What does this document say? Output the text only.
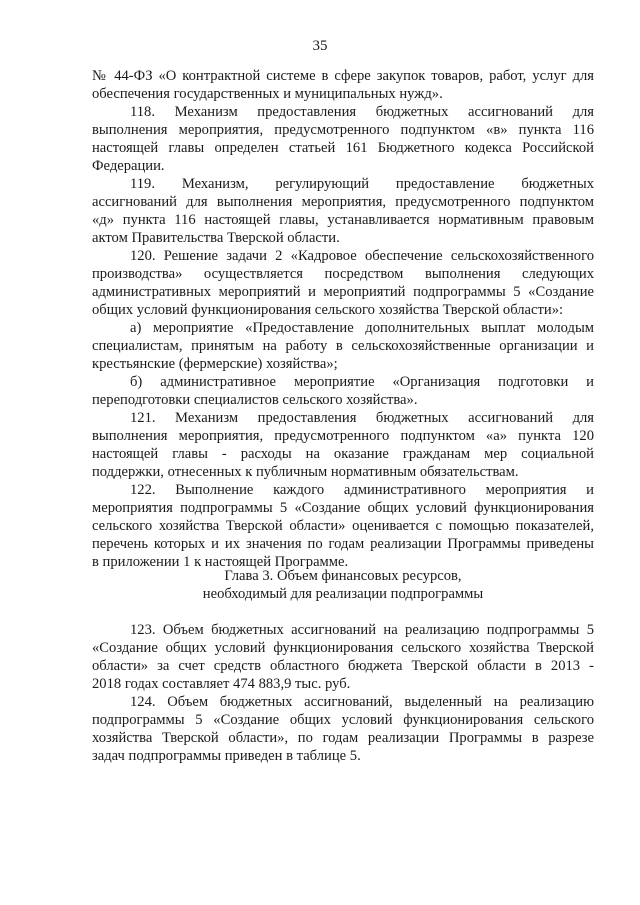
35
№ 44-ФЗ «О контрактной системе в сфере закупок товаров, работ, услуг для
обеспечения государственных и муниципальных нужд».
118. Механизм предоставления бюджетных ассигнований для
выполнения мероприятия, предусмотренного подпунктом «в» пункта 116
настоящей главы определен статьей 161 Бюджетного кодекса Российской
Федерации.
119. Механизм, регулирующий предоставление бюджетных
ассигнований для выполнения мероприятия, предусмотренного подпунктом
«д» пункта 116 настоящей главы, устанавливается нормативным правовым
актом Правительства Тверской области.
120. Решение задачи 2 «Кадровое обеспечение сельскохозяйственного
производства» осуществляется посредством выполнения следующих
административных мероприятий и мероприятий подпрограммы 5 «Создание
общих условий функционирования сельского хозяйства Тверской области»:
а) мероприятие «Предоставление дополнительных выплат молодым
специалистам, принятым на работу в сельскохозяйственные организации и
крестьянские (фермерские) хозяйства»;
б) административное мероприятие «Организация подготовки и
переподготовки специалистов сельского хозяйства».
121. Механизм предоставления бюджетных ассигнований для
выполнения мероприятия, предусмотренного подпунктом «а» пункта 120
настоящей главы - расходы на оказание гражданам мер социальной
поддержки, отнесенных к публичным нормативным обязательствам.
122. Выполнение каждого административного мероприятия и
мероприятия подпрограммы 5 «Создание общих условий функционирования
сельского хозяйства Тверской области» оценивается с помощью показателей,
перечень которых и их значения по годам реализации Программы приведены
в приложении 1 к настоящей Программе.
Глава 3. Объем финансовых ресурсов,
необходимый для реализации подпрограммы
123. Объем бюджетных ассигнований на реализацию подпрограммы 5
«Создание общих условий функционирования сельского хозяйства Тверской
области» за счет средств областного бюджета Тверской области в 2013 -
2018 годах составляет 474 883,9 тыс. руб.
124. Объем бюджетных ассигнований, выделенный на реализацию
подпрограммы 5 «Создание общих условий функционирования сельского
хозяйства Тверской области», по годам реализации Программы в разрезе
задач подпрограммы приведен в таблице 5.
